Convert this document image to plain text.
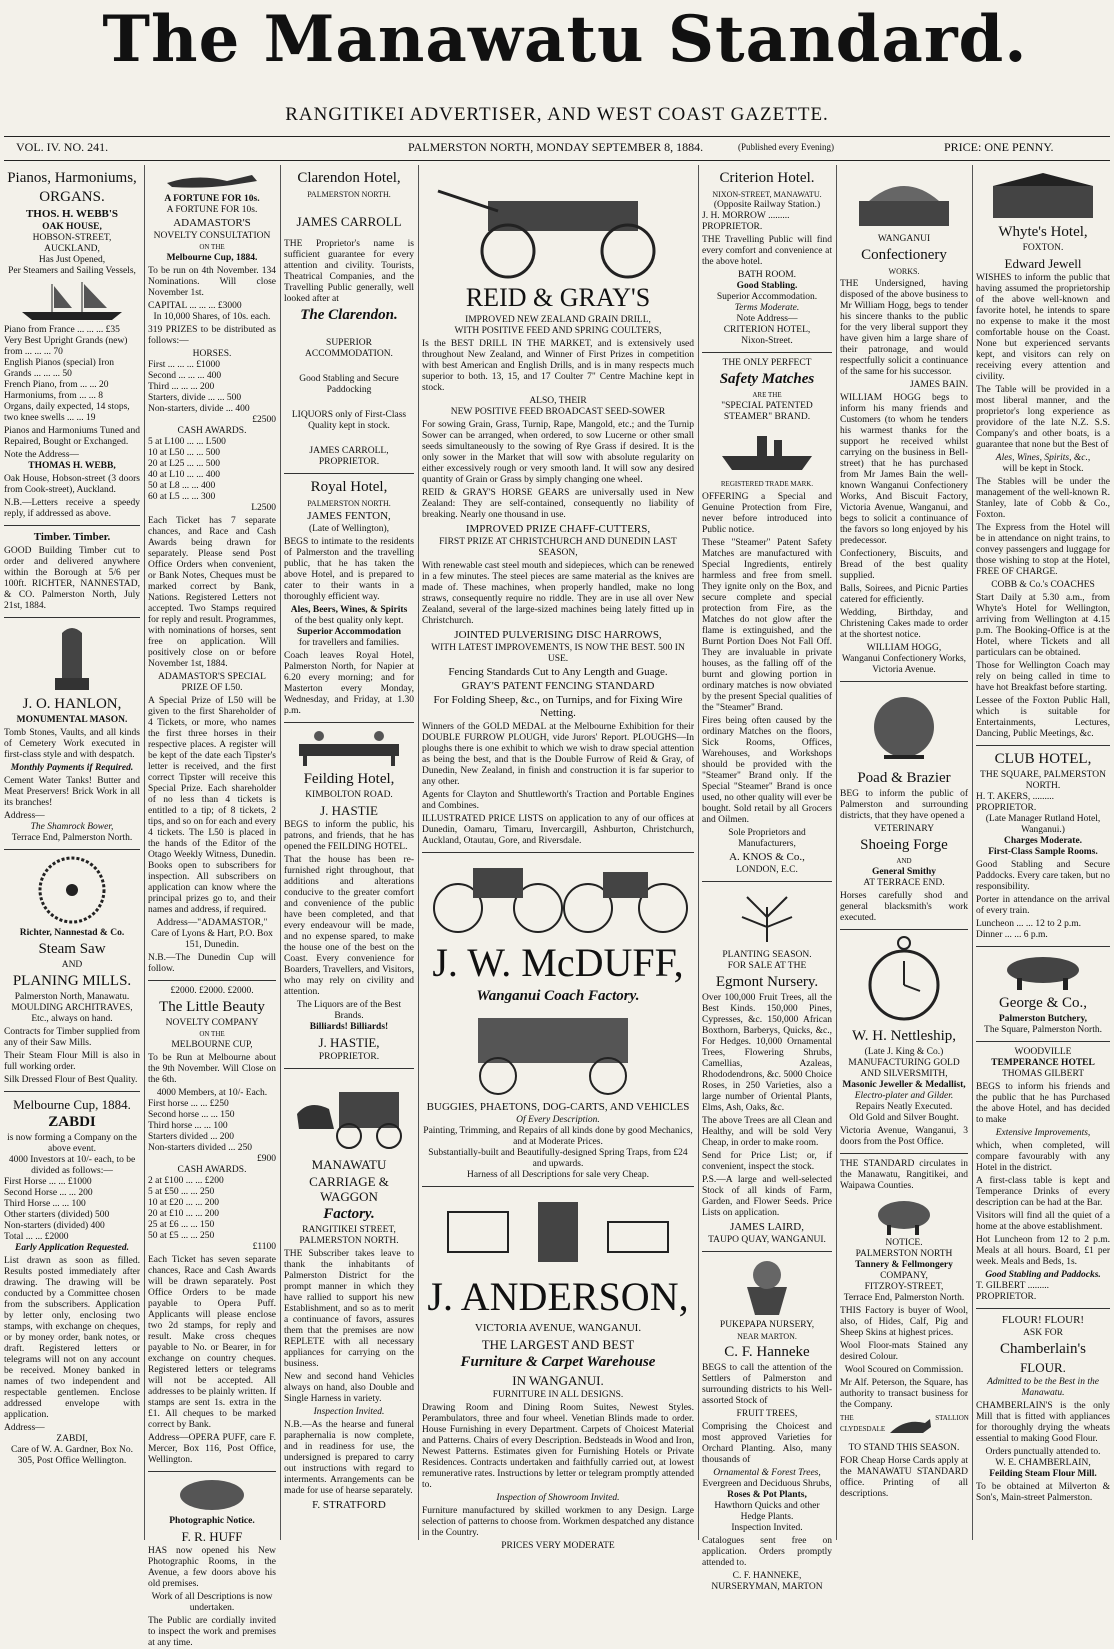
The Manawatu Standard.
RANGITIKEI ADVERTISER, AND WEST COAST GAZETTE.
VOL. IV. NO. 241.	PALMERSTON NORTH, MONDAY SEPTEMBER 8, 1884.	(Published every Evening)	PRICE: ONE PENNY.
Pianos, Harmoniums,
ORGANS.
THOS. H. WEBB'S
OAK HOUSE,
HOBSON-STREET, AUCKLAND,
Has Just Opened,
Per Steamers and Sailing Vessels,
Piano from France ... ... ... £35
Very Best Upright Grands (new) from ... ... ... 70
English Pianos (special) Iron Grands ... ... ... 50
French Piano, from ... ... 20
Harmoniums, from ... ... 8
Organs, daily expected, 14 stops, two knee swells ... ... 19
Pianos and Harmoniums Tuned and Repaired, Bought or Exchanged.
Note the Address—
THOMAS H. WEBB,
Oak House, Hobson-street (3 doors from Cook-street), Auckland.
N.B.—Letters receive a speedy reply, if addressed as above.
Timber. Timber.
GOOD Building Timber cut to order and delivered anywhere within the Borough at 5/6 per 100ft. RICHTER, NANNESTAD, & CO. Palmerston North, July 21st, 1884.
J. O. HANLON,
MONUMENTAL MASON.
Tomb Stones, Vaults, and all kinds of Cemetery Work executed in first-class style and with despatch.
Monthly Payments if Required.
Cement Water Tanks! Butter and Meat Preservers! Brick Work in all its branches!
Address—
The Shamrock Bower,
Terrace End, Palmerston North.
Richter, Nannestad & Co.
Steam Saw
AND
PLANING MILLS.
Palmerston North, Manawatu.
MOULDING ARCHITRAVES, Etc., always on hand.
Contracts for Timber supplied from any of their Saw Mills.
Their Steam Flour Mill is also in full working order.
Silk Dressed Flour of Best Quality.
Melbourne Cup, 1884.
ZABDI
is now forming a Company on the above event.
4000 Investors at 10/- each, to be divided as follows:—
First Horse ... ... £1000
Second Horse ... ... 200
Third Horse ... ... 100
Other starters (divided) 500
Non-starters (divided) 400
Total ... ... £2000
Early Application Requested.
List drawn as soon as filled. Results posted immediately after drawing. The drawing will be conducted by a Committee chosen from the subscribers. Application by letter only, enclosing two stamps, with exchange on cheques, or by money order, bank notes, or draft. Registered letters or telegrams will not on any account be received. Money banked in names of two independent and respectable gentlemen. Enclose addressed envelope with application.
Address—
ZABDI,
Care of W. A. Gardner, Box No. 305, Post Office Wellington.
A FORTUNE FOR 10s.
A FORTUNE FOR 10s.
ADAMASTOR'S
NOVELTY CONSULTATION
ON THE
Melbourne Cup, 1884.
To be run on 4th November. 134 Nominations. Will close November 1st.
CAPITAL ... ... ... £3000
In 10,000 Shares, of 10s. each.
319 PRIZES to be distributed as follows:—
HORSES.
First ... ... ... £1000
Second ... ... ... 400
Third ... ... ... 200
Starters, divide ... ... 500
Non-starters, divide ... 400
£2500
CASH AWARDS.
5 at L100 ... ... L500
10 at L50 ... ... 500
20 at L25 ... ... 500
40 at L10 ... ... 400
50 at L8 ... ... 400
60 at L5 ... ... 300
L2500
Each Ticket has 7 separate chances, and Race and Cash Awards being drawn for separately. Please send Post Office Orders when convenient, or Bank Notes, Cheques must be marked correct by Bank, Nations. Registered Letters not accepted. Two Stamps required for reply and result. Programmes, with nominations of horses, sent free on application. Will positively close on or before November 1st, 1884.
ADAMASTOR'S SPECIAL PRIZE OF L50.
A Special Prize of L50 will be given to the first Shareholder of 4 Tickets, or more, who names the first three horses in their respective places. A register will be kept of the date each Tipster's letter is received, and the first correct Tipster will receive this Special Prize. Each shareholder of no less than 4 tickets is entitled to a tip; of 8 tickets, 2 tips, and so on for each and every 4 tickets. The L50 is placed in the hands of the Editor of the Otago Weekly Witness, Dunedin. Books open to subscribers for inspection. All subscribers on application can know where the principal prizes go to, and their names and address, if required.
Address—"ADAMASTOR,"
Care of Lyons & Hart, P.O. Box 151, Dunedin.
N.B.—The Dunedin Cup will follow.
£2000. £2000. £2000.
The Little Beauty
NOVELTY COMPANY
ON THE
MELBOURNE CUP,
To be Run at Melbourne about the 9th November. Will Close on the 6th.
4000 Members, at 10/- Each.
First horse ... ... £250
Second horse ... ... 150
Third horse ... ... 100
Starters divided ... 200
Non-starters divided ... 250
£900
CASH AWARDS.
2 at £100 ... ... £200
5 at £50 ... ... 250
10 at £20 ... ... 200
20 at £10 ... ... 200
25 at £6 ... ... 150
50 at £5 ... ... 250
£1100
Each Ticket has seven separate chances, Race and Cash Awards will be drawn separately. Post Office Orders to be made payable to Opera Puff. Applicants will please enclose two 2d stamps, for reply and result. Make cross cheques payable to No. or Bearer, in for exchange on country cheques. Registered letters or telegrams will not be accepted. All addresses to be plainly written. If stamps are sent 1s. extra in the £1. All cheques to be marked correct by Bank.
Address—OPERA PUFF, care F. Mercer, Box 116, Post Office, Wellington.
Photographic Notice.
F. R. HUFF
HAS now opened his New Photographic Rooms, in the Avenue, a few doors above his old premises.
Work of all Descriptions is now undertaken.
The Public are cordially invited to inspect the work and premises at any time.
Clarendon Hotel,
PALMERSTON NORTH.
JAMES CARROLL
THE Proprietor's name is sufficient guarantee for every attention and civility. Tourists, Theatrical Companies, and the Travelling Public generally, well looked after at
The Clarendon.
SUPERIOR ACCOMMODATION.
Good Stabling and Secure Paddocking
LIQUORS only of First-Class Quality kept in stock.
JAMES CARROLL,
PROPRIETOR.
Royal Hotel,
PALMERSTON NORTH.
JAMES FENTON,
(Late of Wellington),
BEGS to intimate to the residents of Palmerston and the travelling public, that he has taken the above Hotel, and is prepared to cater to their wants in a thoroughly efficient way.
Ales, Beers, Wines, & Spirits
of the best quality only kept.
Superior Accommodation
for travellers and families.
Coach leaves Royal Hotel, Palmerston North, for Napier at 6.20 every morning; and for Masterton every Monday, Wednesday, and Friday, at 1.30 p.m.
Feilding Hotel,
KIMBOLTON ROAD.
J. HASTIE
BEGS to inform the public, his patrons, and friends, that he has opened the FEILDING HOTEL.
That the house has been re-furnished right throughout, that additions and alterations conducive to the greater comfort and convenience of the public have been completed, and that every endeavour will be made, and no expense spared, to make the house one of the best on the Coast. Every convenience for Boarders, Travellers, and Visitors, who may rely on civility and attention.
The Liquors are of the Best Brands.
Billiards! Billiards!
J. HASTIE,
PROPRIETOR.
MANAWATU
CARRIAGE & WAGGON
Factory.
RANGITIKEI STREET, PALMERSTON NORTH.
THE Subscriber takes leave to thank the inhabitants of Palmerston District for the prompt manner in which they have rallied to support his new Establishment, and so as to merit a continuance of favors, assures them that the premises are now REPLETE with all necessary appliances for carrying on the business.
New and second hand Vehicles always on hand, also Double and Single Harness in variety.
Inspection Invited.
N.B.—As the hearse and funeral paraphernalia is now complete, and in readiness for use, the undersigned is prepared to carry out instructions with regard to interments. Arrangements can be made for use of hearse separately.
F. STRATFORD
REID & GRAY'S
IMPROVED NEW ZEALAND GRAIN DRILL,
WITH POSITIVE FEED AND SPRING COULTERS,
Is the BEST DRILL IN THE MARKET, and is extensively used throughout New Zealand, and Winner of First Prizes in competition with best American and English Drills, and is in many respects much superior to both. 13, 15, and 17 Coulter 7" Centre Machine kept in stock.
ALSO, THEIR
NEW POSITIVE FEED BROADCAST SEED-SOWER
For sowing Grain, Grass, Turnip, Rape, Mangold, etc.; and the Turnip Sower can be arranged, when ordered, to sow Lucerne or other small seeds simultaneously to the sowing of Rye Grass if desired. It is the only sower in the Market that will sow with absolute regularity on either excessively rough or very smooth land. It will sow any desired quantity of Grain or Grass by simply changing one wheel.
REID & GRAY'S HORSE GEARS are universally used in New Zealand: They are self-contained, consequently no liability of breaking. Nearly one thousand in use.
IMPROVED PRIZE CHAFF-CUTTERS,
FIRST PRIZE AT CHRISTCHURCH AND DUNEDIN LAST SEASON,
With renewable cast steel mouth and sidepieces, which can be renewed in a few minutes. The steel pieces are same material as the knives are made of. These machines, when properly handled, make no long straws, consequently require no riddle. They are in use all over New Zealand, several of the large-sized machines being lately fitted up in Christchurch.
JOINTED PULVERISING DISC HARROWS,
WITH LATEST IMPROVEMENTS, IS NOW THE BEST. 500 IN USE.
Fencing Standards Cut to Any Length and Guage.
GRAY'S PATENT FENCING STANDARD
For Folding Sheep, &c., on Turnips, and for Fixing Wire Netting.
Winners of the GOLD MEDAL at the Melbourne Exhibition for their DOUBLE FURROW PLOUGH, vide Jurors' Report. PLOUGHS—In ploughs there is one exhibit to which we wish to draw special attention as being the best, and that is the Double Furrow of Reid & Gray, of Dunedin, New Zealand, in finish and construction it is far superior to any other.
Agents for Clayton and Shuttleworth's Traction and Portable Engines and Combines.
ILLUSTRATED PRICE LISTS on application to any of our offices at Dunedin, Oamaru, Timaru, Invercargill, Ashburton, Christchurch, Auckland, Otautau, Gore, and Riversdale.
J. W. McDUFF,
Wanganui Coach Factory.
BUGGIES, PHAETONS, DOG-CARTS, AND VEHICLES
Of Every Description.
Painting, Trimming, and Repairs of all kinds done by good Mechanics, and at Moderate Prices.
Substantially-built and Beautifully-designed Spring Traps, from £24 and upwards.
Harness of all Descriptions for sale very Cheap.
J. ANDERSON,
VICTORIA AVENUE, WANGANUI.
THE LARGEST AND BEST
Furniture & Carpet Warehouse
IN WANGANUI.
FURNITURE IN ALL DESIGNS.
Drawing Room and Dining Room Suites, Newest Styles. Perambulators, three and four wheel. Venetian Blinds made to order. House Furnishing in every Department. Carpets of Choicest Material and Patterns. Chairs of every Description. Bedsteads in Wood and Iron, Newest Patterns. Estimates given for Furnishing Hotels or Private Residences. Contracts undertaken and faithfully carried out, at lowest remunerative rates. Instructions by letter or telegram promptly attended to.
Inspection of Showroom Invited.
Furniture manufactured by skilled workmen to any Design. Large selection of patterns to choose from. Workmen despatched any distance in the Country.
PRICES VERY MODERATE
Criterion Hotel.
NIXON-STREET, MANAWATU.
(Opposite Railway Station.)
J. H. MORROW ......... PROPRIETOR.
THE Travelling Public will find every comfort and convenience at the above hotel.
BATH ROOM.
Good Stabling.
Superior Accommodation.
Terms Moderate.
Note Address—
CRITERION HOTEL,
Nixon-Street.
THE ONLY PERFECT
Safety Matches
ARE THE
"SPECIAL PATENTED STEAMER" BRAND.
REGISTERED TRADE MARK.
OFFERING a Special and Genuine Protection from Fire, never before introduced into Public notice.
These "Steamer" Patent Safety Matches are manufactured with Special Ingredients, entirely harmless and free from smell. They ignite only on the Box, and secure complete and special protection from Fire, as the Matches do not glow after the flame is extinguished, and the Burnt Portion Does Not Fall Off. They are invaluable in private houses, as the falling off of the burnt and glowing portion in ordinary matches is now obviated by the present Special qualities of the "Steamer" Brand.
Fires being often caused by the ordinary Matches on the floors, Sick Rooms, Offices, Warehouses, and Workshops should be provided with the "Steamer" Brand only. If the Special "Steamer" Brand is once used, no other quality will ever be bought. Sold retail by all Grocers and Oilmen.
Sole Proprietors and Manufacturers,
A. KNOS & Co.,
LONDON, E.C.
PLANTING SEASON.
FOR SALE AT THE
Egmont Nursery.
Over 100,000 Fruit Trees, all the Best Kinds. 150,000 Pines, Cypresses, &c. 150,000 African Boxthorn, Barberys, Quicks, &c., For Hedges. 10,000 Ornamental Trees, Flowering Shrubs, Camellias, Azaleas, Rhododendrons, &c. 5000 Choice Roses, in 250 Varieties, also a large number of Oriental Plants, Elms, Ash, Oaks, &c.
The above Trees are all Clean and Healthy, and will be sold Very Cheap, in order to make room.
Send for Price List; or, if convenient, inspect the stock.
P.S.—A large and well-selected Stock of all kinds of Farm, Garden, and Flower Seeds. Price Lists on application.
JAMES LAIRD,
TAUPO QUAY, WANGANUI.
PUKEPAPA NURSERY,
NEAR MARTON.
C. F. Hanneke
BEGS to call the attention of the Settlers of Palmerston and surrounding districts to his Well-assorted Stock of
FRUIT TREES,
Comprising the Choicest and most approved Varieties for Orchard Planting. Also, many thousands of
Ornamental & Forest Trees,
Evergreen and Deciduous Shrubs,
Roses & Pot Plants,
Hawthorn Quicks and other Hedge Plants.
Inspection Invited.
Catalogues sent free on application. Orders promptly attended to.
C. F. HANNEKE,
NURSERYMAN, MARTON
WANGANUI
Confectionery
WORKS.
THE Undersigned, having disposed of the above business to Mr William Hogg, begs to tender his sincere thanks to the public for the very liberal support they have given him a large share of their patronage, and would respectfully solicit a continuance of the same for his successor.
JAMES BAIN.
WILLIAM HOGG begs to inform his many friends and Customers (to whom he tenders his warmest thanks for the support he received whilst carrying on the business in Bell-street) that he has purchased from Mr James Bain the well-known Wanganui Confectionery Works, And Biscuit Factory, Victoria Avenue, Wanganui, and begs to solicit a continuance of the favors so long enjoyed by his predecessor.
Confectionery, Biscuits, and Bread of the best quality supplied.
Balls, Soirees, and Picnic Parties catered for efficiently.
Wedding, Birthday, and Christening Cakes made to order at the shortest notice.
WILLIAM HOGG,
Wanganui Confectionery Works, Victoria Avenue.
Poad & Brazier
BEG to inform the public of Palmerston and surrounding districts, that they have opened a
VETERINARY
Shoeing Forge
AND
General Smithy
AT TERRACE END.
Horses carefully shod and general blacksmith's work executed.
W. H. Nettleship,
(Late J. King & Co.)
MANUFACTURING GOLD AND SILVERSMITH,
Masonic Jeweller & Medallist,
Electro-plater and Gilder.
Repairs Neatly Executed.
Old Gold and Silver Bought.
Victoria Avenue, Wanganui, 3 doors from the Post Office.
THE STANDARD circulates in the Manawatu, Rangitikei, and Waipawa Counties.
NOTICE.
PALMERSTON NORTH
Tannery & Fellmongery
COMPANY,
FITZROY-STREET,
Terrace End, Palmerston North.
THIS Factory is buyer of Wool, also, of Hides, Calf, Pig and Sheep Skins at highest prices.
Wool Floor-mats Stained any desired Colour.
Wool Scoured on Commission.
Mr Alf. Peterson, the Square, has authority to transact business for the Company.
THE CLYDESDALE
STALLION
TO STAND THIS SEASON.
FOR Cheap Horse Cards apply at the MANAWATU STANDARD office. Printing of all descriptions.
Whyte's Hotel,
FOXTON.
Edward Jewell
WISHES to inform the public that having assumed the proprietorship of the above well-known and favorite hotel, he intends to spare no expense to make it the most comfortable house on the Coast. None but experienced servants kept, and visitors can rely on receiving every attention and civility.
The Table will be provided in a most liberal manner, and the proprietor's long experience as providore of the late N.Z. S.S. Company's and other boats, is a guarantee that none but the Best of
Ales, Wines, Spirits, &c.,
will be kept in Stock.
The Stables will be under the management of the well-known R. Stanley, late of Cobb & Co., Foxton.
The Express from the Hotel will be in attendance on night trains, to convey passengers and luggage for those wishing to stop at the Hotel, FREE OF CHARGE.
COBB & Co.'s COACHES
Start Daily at 5.30 a.m., from Whyte's Hotel for Wellington, arriving from Wellington at 4.15 p.m. The Booking-Office is at the Hotel, where Tickets and all particulars can be obtained.
Those for Wellington Coach may rely on being called in time to have hot Breakfast before starting.
Lessee of the Foxton Public Hall, which is suitable for Entertainments, Lectures, Dancing, Public Meetings, &c.
CLUB HOTEL,
THE SQUARE, PALMERSTON NORTH.
H. T. AKERS, ......... PROPRIETOR.
(Late Manager Rutland Hotel, Wanganui.)
Charges Moderate.
First-Class Sample Rooms.
Good Stabling and Secure Paddocks. Every care taken, but no responsibility.
Porter in attendance on the arrival of every train.
Luncheon ... ... 12 to 2 p.m.
Dinner ... ... 6 p.m.
George & Co.,
Palmerston Butchery,
The Square, Palmerston North.
WOODVILLE
TEMPERANCE HOTEL
THOMAS GILBERT
BEGS to inform his friends and the public that he has Purchased the above Hotel, and has decided to make
Extensive Improvements,
which, when completed, will compare favourably with any Hotel in the district.
A first-class table is kept and Temperance Drinks of every description can be had at the Bar.
Visitors will find all the quiet of a home at the above establishment.
Hot Luncheon from 12 to 2 p.m. Meals at all hours. Board, £1 per week. Meals and Beds, 1s.
Good Stabling and Paddocks.
T. GILBERT ......... PROPRIETOR.
FLOUR! FLOUR!
ASK FOR
Chamberlain's
FLOUR.
Admitted to be the Best in the Manawatu.
CHAMBERLAIN'S is the only Mill that is fitted with appliances for thoroughly drying the wheats essential to making Good Flour.
Orders punctually attended to.
W. E. CHAMBERLAIN,
Feilding Steam Flour Mill.
To be obtained at Milverton & Son's, Main-street Palmerston.
